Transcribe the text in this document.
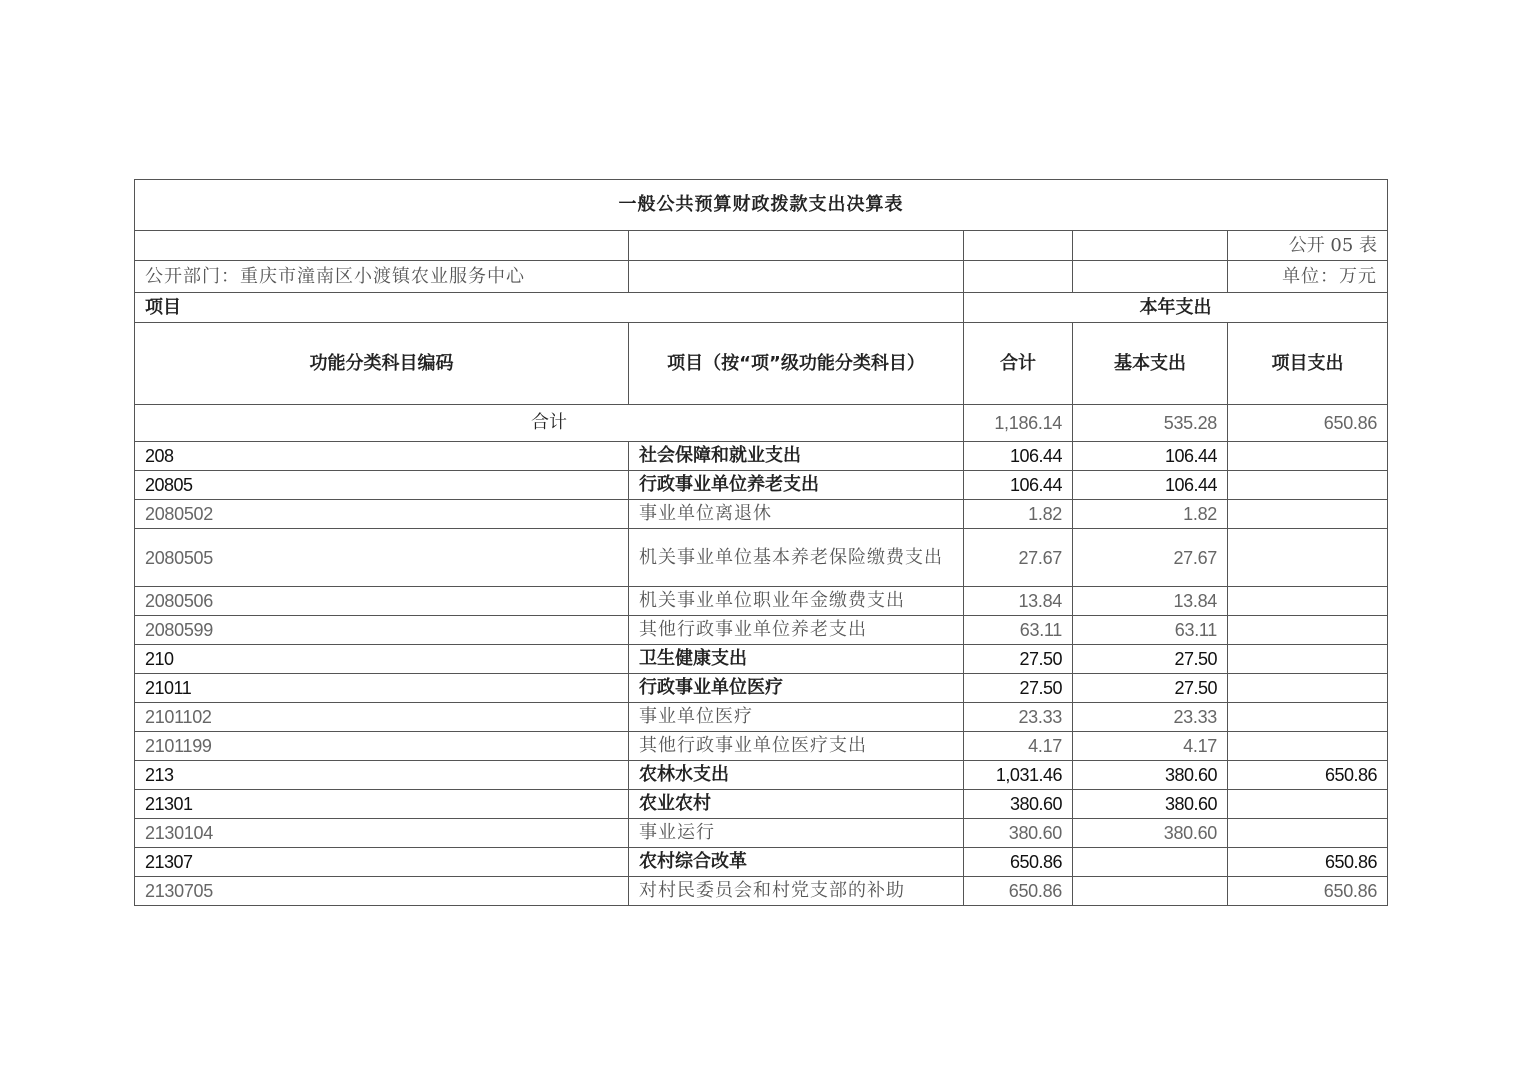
一般公共预算财政拨款支出决算表				
				公开 05 表
公开部门：重庆市潼南区小渡镇农业服务中心				单位：万元
项目		本年支出		
功能分类科目编码	项目（按“项”级功能分类科目）	合计	基本支出	项目支出
合计		1,186.14	535.28	650.86
208	社会保障和就业支出	106.44	106.44	
20805	行政事业单位养老支出	106.44	106.44	
2080502	事业单位离退休	1.82	1.82	
2080505	机关事业单位基本养老保险缴费支出	27.67	27.67	
2080506	机关事业单位职业年金缴费支出	13.84	13.84	
2080599	其他行政事业单位养老支出	63.11	63.11	
210	卫生健康支出	27.50	27.50	
21011	行政事业单位医疗	27.50	27.50	
2101102	事业单位医疗	23.33	23.33	
2101199	其他行政事业单位医疗支出	4.17	4.17	
213	农林水支出	1,031.46	380.60	650.86
21301	农业农村	380.60	380.60	
2130104	事业运行	380.60	380.60	
21307	农村综合改革	650.86		650.86
2130705	对村民委员会和村党支部的补助	650.86		650.86
